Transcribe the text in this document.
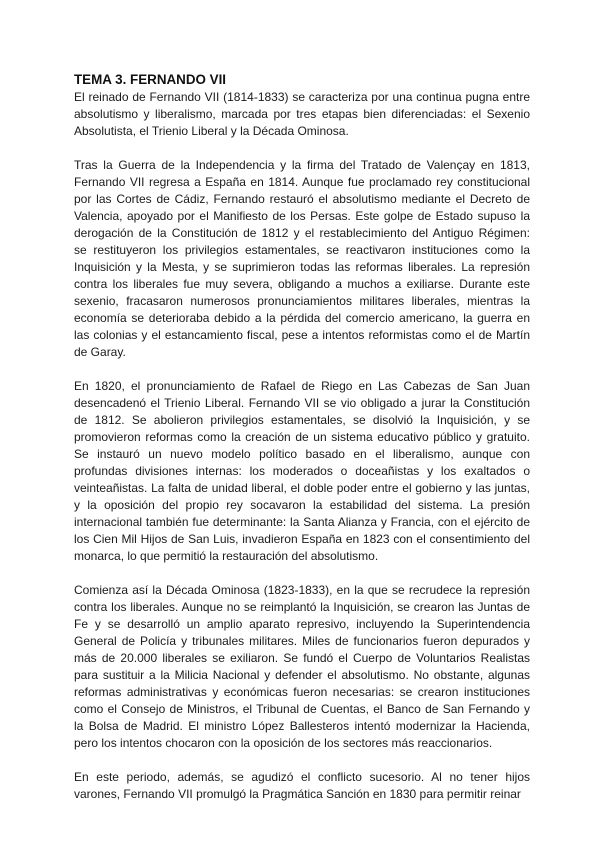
TEMA 3. FERNANDO VII

El reinado de Fernando VII (1814-1833) se caracteriza por una continua pugna entre
absolutismo y liberalismo, marcada por tres etapas bien diferenciadas: el Sexenio
Absolutista, el Trienio Liberal y la Década Ominosa.

Tras la Guerra de la Independencia y la firma del Tratado de Valençay en 1813,
Fernando VII regresa a España en 1814. Aunque fue proclamado rey constitucional
por las Cortes de Cádiz, Fernando restauró el absolutismo mediante el Decreto de
Valencia, apoyado por el Manifiesto de los Persas. Este golpe de Estado supuso la
derogación de la Constitución de 1812 y el restablecimiento del Antiguo Régimen:
se restituyeron los privilegios estamentales, se reactivaron instituciones como la
Inquisición y la Mesta, y se suprimieron todas las reformas liberales. La represión
contra los liberales fue muy severa, obligando a muchos a exiliarse. Durante este
sexenio, fracasaron numerosos pronunciamientos militares liberales, mientras la
economía se deterioraba debido a la pérdida del comercio americano, la guerra en
las colonias y el estancamiento fiscal, pese a intentos reformistas como el de Martín
de Garay.

En 1820, el pronunciamiento de Rafael de Riego en Las Cabezas de San Juan
desencadenó el Trienio Liberal. Fernando VII se vio obligado a jurar la Constitución
de 1812. Se abolieron privilegios estamentales, se disolvió la Inquisición, y se
promovieron reformas como la creación de un sistema educativo público y gratuito.
Se instauró un nuevo modelo político basado en el liberalismo, aunque con
profundas divisiones internas: los moderados o doceañistas y los exaltados o
veinteañistas. La falta de unidad liberal, el doble poder entre el gobierno y las juntas,
y la oposición del propio rey socavaron la estabilidad del sistema. La presión
internacional también fue determinante: la Santa Alianza y Francia, con el ejército de
los Cien Mil Hijos de San Luis, invadieron España en 1823 con el consentimiento del
monarca, lo que permitió la restauración del absolutismo.

Comienza así la Década Ominosa (1823-1833), en la que se recrudece la represión
contra los liberales. Aunque no se reimplantó la Inquisición, se crearon las Juntas de
Fe y se desarrolló un amplio aparato represivo, incluyendo la Superintendencia
General de Policía y tribunales militares. Miles de funcionarios fueron depurados y
más de 20.000 liberales se exiliaron. Se fundó el Cuerpo de Voluntarios Realistas
para sustituir a la Milicia Nacional y defender el absolutismo. No obstante, algunas
reformas administrativas y económicas fueron necesarias: se crearon instituciones
como el Consejo de Ministros, el Tribunal de Cuentas, el Banco de San Fernando y
la Bolsa de Madrid. El ministro López Ballesteros intentó modernizar la Hacienda,
pero los intentos chocaron con la oposición de los sectores más reaccionarios.

En este periodo, además, se agudizó el conflicto sucesorio. Al no tener hijos
varones, Fernando VII promulgó la Pragmática Sanción en 1830 para permitir reinar
